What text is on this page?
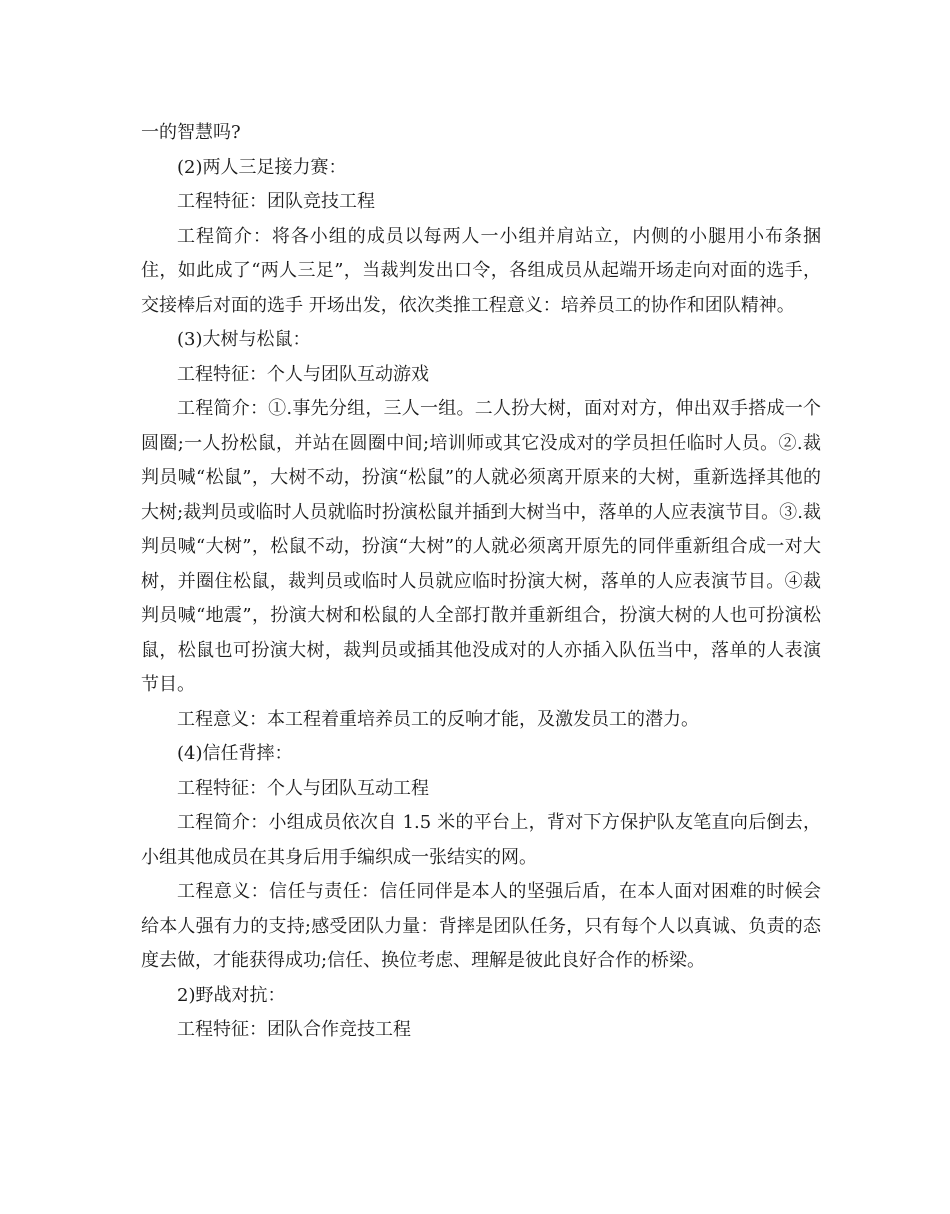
一的智慧吗?

(2)两人三足接力赛：

工程特征：团队竞技工程

工程简介：将各小组的成员以每两人一小组并肩站立，内侧的小腿用小布条捆住，如此成了“两人三足”，当裁判发出口令，各组成员从起端开场走向对面的选手，交接棒后对面的选手 开场出发，依次类推工程意义：培养员工的协作和团队精神。

(3)大树与松鼠：

工程特征：个人与团队互动游戏

工程简介：①.事先分组，三人一组。二人扮大树，面对对方，伸出双手搭成一个圆圈;一人扮松鼠，并站在圆圈中间;培训师或其它没成对的学员担任临时人员。②.裁判员喊“松鼠”，大树不动，扮演“松鼠”的人就必须离开原来的大树，重新选择其他的大树;裁判员或临时人员就临时扮演松鼠并插到大树当中，落单的人应表演节目。③.裁判员喊“大树”，松鼠不动，扮演“大树”的人就必须离开原先的同伴重新组合成一对大树，并圈住松鼠，裁判员或临时人员就应临时扮演大树，落单的人应表演节目。④裁判员喊“地震”，扮演大树和松鼠的人全部打散并重新组合，扮演大树的人也可扮演松鼠，松鼠也可扮演大树，裁判员或插其他没成对的人亦插入队伍当中，落单的人表演节目。

工程意义：本工程着重培养员工的反响才能，及激发员工的潜力。

(4)信任背摔：

工程特征：个人与团队互动工程

工程简介：小组成员依次自 1.5 米的平台上，背对下方保护队友笔直向后倒去，小组其他成员在其身后用手编织成一张结实的网。

工程意义：信任与责任：信任同伴是本人的坚强后盾，在本人面对困难的时候会给本人强有力的支持;感受团队力量：背摔是团队任务，只有每个人以真诚、负责的态度去做，才能获得成功;信任、换位考虑、理解是彼此良好合作的桥梁。

2)野战对抗：

工程特征：团队合作竞技工程
